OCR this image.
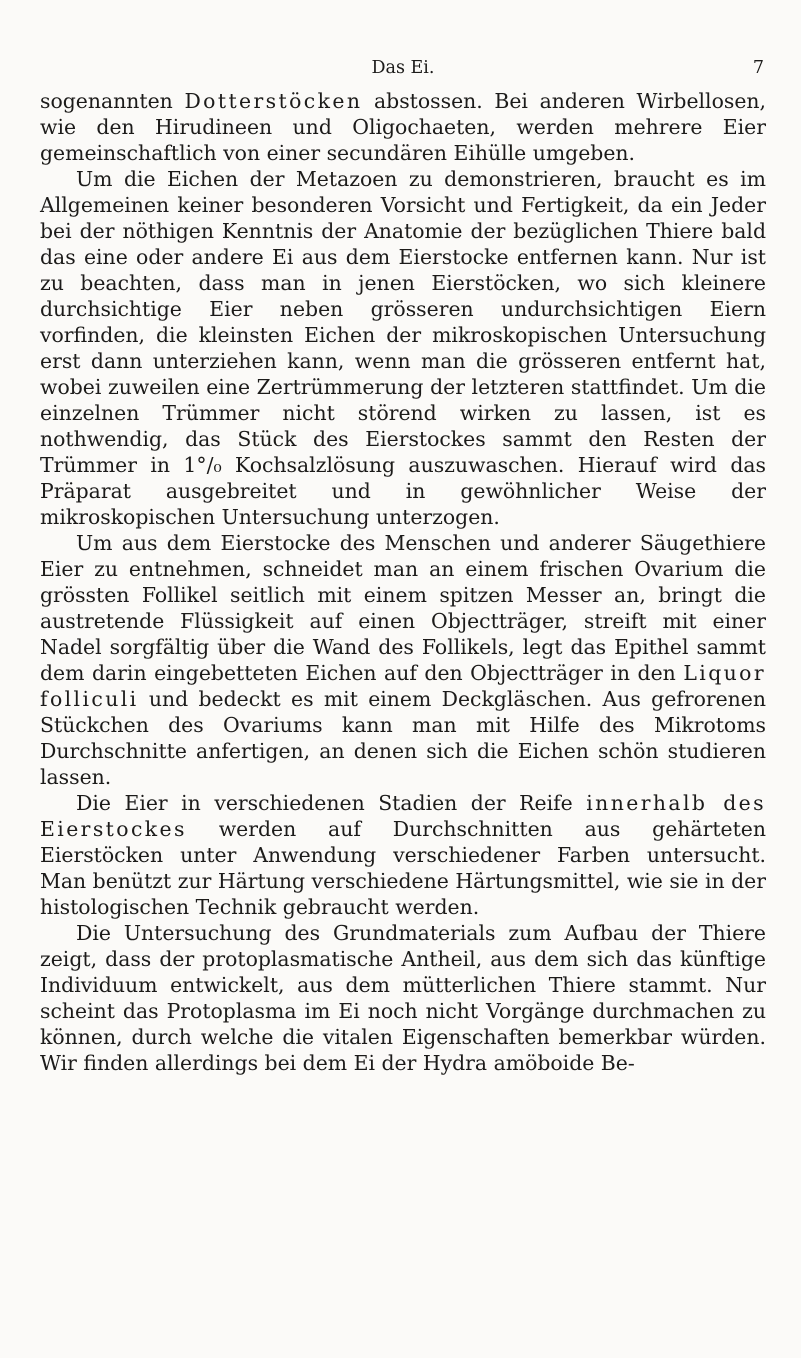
Das Ei.	7

sogenannten Dotterstöcken abstossen. Bei anderen Wirbellosen, wie den Hirudineen und Oligochaeten, werden mehrere Eier gemeinschaftlich von einer secundären Eihülle umgeben.

Um die Eichen der Metazoen zu demonstrieren, braucht es im Allgemeinen keiner besonderen Vorsicht und Fertigkeit, da ein Jeder bei der nöthigen Kenntnis der Anatomie der bezüglichen Thiere bald das eine oder andere Ei aus dem Eierstocke entfernen kann. Nur ist zu beachten, dass man in jenen Eierstöcken, wo sich kleinere durchsichtige Eier neben grösseren undurchsichtigen Eiern vorfinden, die kleinsten Eichen der mikroskopischen Untersuchung erst dann unterziehen kann, wenn man die grösseren entfernt hat, wobei zuweilen eine Zertrümmerung der letzteren stattfindet. Um die einzelnen Trümmer nicht störend wirken zu lassen, ist es nothwendig, das Stück des Eierstockes sammt den Resten der Trümmer in 1°/₀ Kochsalzlösung auszuwaschen. Hierauf wird das Präparat ausgebreitet und in gewöhnlicher Weise der mikroskopischen Untersuchung unterzogen.

Um aus dem Eierstocke des Menschen und anderer Säugethiere Eier zu entnehmen, schneidet man an einem frischen Ovarium die grössten Follikel seitlich mit einem spitzen Messer an, bringt die austretende Flüssigkeit auf einen Objectträger, streift mit einer Nadel sorgfältig über die Wand des Follikels, legt das Epithel sammt dem darin eingebetteten Eichen auf den Objectträger in den Liquor folliculi und bedeckt es mit einem Deckgläschen. Aus gefrorenen Stückchen des Ovariums kann man mit Hilfe des Mikrotoms Durchschnitte anfertigen, an denen sich die Eichen schön studieren lassen.

Die Eier in verschiedenen Stadien der Reife innerhalb des Eierstockes werden auf Durchschnitten aus gehärteten Eierstöcken unter Anwendung verschiedener Farben untersucht. Man benützt zur Härtung verschiedene Härtungsmittel, wie sie in der histologischen Technik gebraucht werden.

Die Untersuchung des Grundmaterials zum Aufbau der Thiere zeigt, dass der protoplasmatische Antheil, aus dem sich das künftige Individuum entwickelt, aus dem mütterlichen Thiere stammt. Nur scheint das Protoplasma im Ei noch nicht Vorgänge durchmachen zu können, durch welche die vitalen Eigenschaften bemerkbar würden. Wir finden allerdings bei dem Ei der Hydra amöboide Be-
